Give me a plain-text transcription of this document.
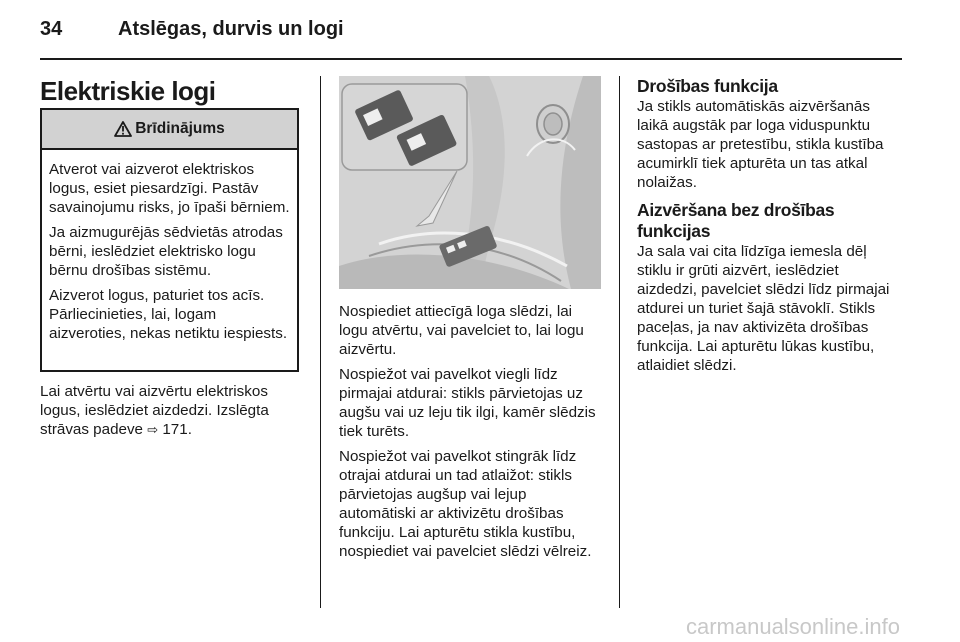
34	Atslēgas, durvis un logi
Elektriskie logi
Brīdinājums

Atverot vai aizverot elektriskos logus, esiet piesardzīgi. Pastāv savainojumu risks, jo īpaši bērniem.

Ja aizmugurējās sēdvietās atrodas bērni, ieslēdziet elektrisko logu bērnu drošības sistēmu.

Aizverot logus, paturiet tos acīs. Pārliecinieties, lai, logam aizveroties, nekas netiktu iespiests.

Lai atvērtu vai aizvērtu elektriskos logus, ieslēdziet aizdedzi. Izslēgta strāvas padeve ⇨ 171.

Nospiediet attiecīgā loga slēdzi, lai logu atvērtu, vai pavelciet to, lai logu aizvērtu.

Nospiežot vai pavelkot viegli līdz pirmajai atdurai: stikls pārvietojas uz augšu vai uz leju tik ilgi, kamēr slēdzis tiek turēts.

Nospiežot vai pavelkot stingrāk līdz otrajai atdurai un tad atlaižot: stikls pārvietojas augšup vai lejup automātiski ar aktivizētu drošības funkciju. Lai apturētu stikla kustību, nospiediet vai pavelciet slēdzi vēlreiz.

Drošības funkcija

Ja stikls automātiskās aizvēršanās laikā augstāk par loga viduspunktu sastopas ar pretestību, stikla kustība acumirklī tiek apturēta un tas atkal nolaižas.

Aizvēršana bez drošības funkcijas

Ja sala vai cita līdzīga iemesla dēļ stiklu ir grūti aizvērt, ieslēdziet aizdedzi, pavelciet slēdzi līdz pirmajai atdurei un turiet šajā stāvoklī. Stikls paceļas, ja nav aktivizēta drošības funkcija. Lai apturētu lūkas kustību, atlaidiet slēdzi.

carmanualsonline.info
